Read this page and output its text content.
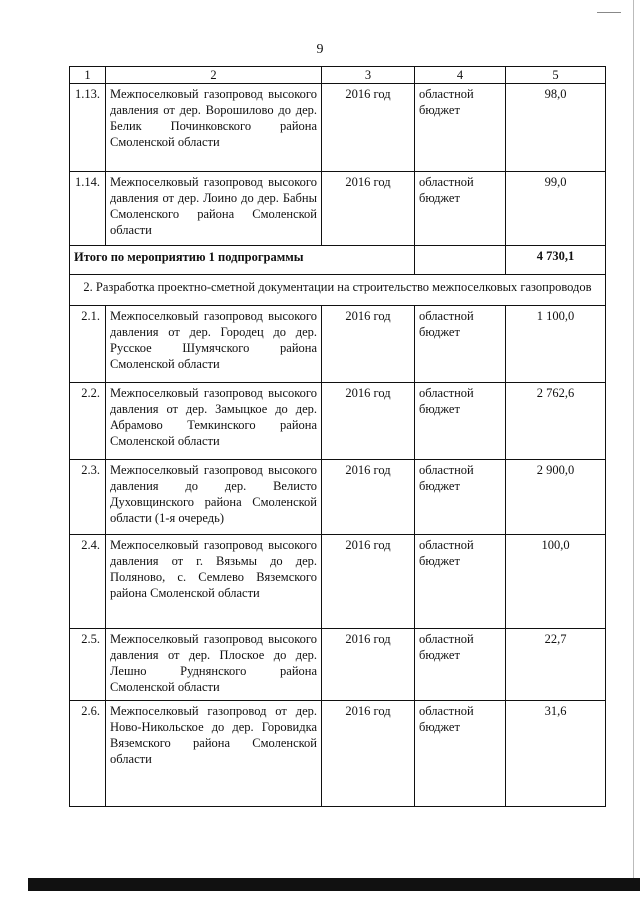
9
1	2	3	4	5

1.13.	Межпоселковый газопровод высокого давления от дер. Ворошилово до дер. Белик Починковского района Смоленской области	2016 год	областной бюджет	98,0

1.14.	Межпоселковый газопровод высокого давления от дер. Лоино до дер. Бабны Смоленского района Смоленской области	2016 год	областной бюджет	99,0
Итого по мероприятию 1 подпрограммы				4 730,1
2. Разработка проектно-сметной документации на строительство межпоселковых газопроводов				

2.1.	Межпоселковый газопровод высокого давления от дер. Городец до дер. Русское Шумячского района Смоленской области	2016 год	областной бюджет	1 100,0

2.2.	Межпоселковый газопровод высокого давления от дер. Замыцкое до дер. Абрамово Темкинского района Смоленской области	2016 год	областной бюджет	2 762,6

2.3.	Межпоселковый газопровод высокого давления до дер. Велисто Духовщинского района Смоленской области (1-я очередь)	2016 год	областной бюджет	2 900,0

2.4.	Межпоселковый газопровод высокого давления от г. Вязьмы до дер. Поляново, с. Семлево Вяземского района Смоленской области	2016 год	областной бюджет	100,0

2.5.	Межпоселковый газопровод высокого давления от дер. Плоское до дер. Лешно Руднянского района Смоленской области	2016 год	областной бюджет	22,7

2.6.	Межпоселковый газопровод от дер. Ново-Никольское до дер. Горовидка Вяземского района Смоленской области	2016 год	областной бюджет	31,6
